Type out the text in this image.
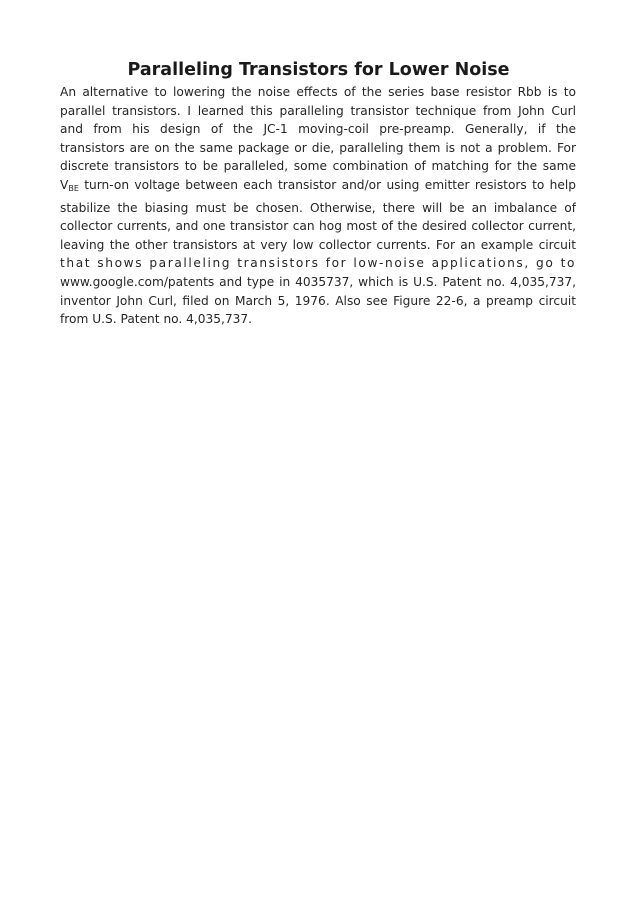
Paralleling Transistors for Lower Noise
An alternative to lowering the noise effects of the series base resistor Rbb is to
parallel transistors. I learned this paralleling transistor technique from John Curl
and from his design of the JC-1 moving-coil pre-preamp. Generally, if the
transistors are on the same package or die, paralleling them is not a problem. For
discrete transistors to be paralleled, some combination of matching for the same
$V_{BE}$ turn-on voltage between each transistor and/or using emitter resistors to help
stabilize the biasing must be chosen. Otherwise, there will be an imbalance of
collector currents, and one transistor can hog most of the desired collector current,
leaving the other transistors at very low collector currents. For an example circuit
that shows paralleling transistors for low-noise applications, go to
www.google.com/patents and type in 4035737, which is U.S. Patent no. 4,035,737,
inventor John Curl, filed on March 5, 1976. Also see Figure 22-6, a preamp circuit
from U.S. Patent no. 4,035,737.
